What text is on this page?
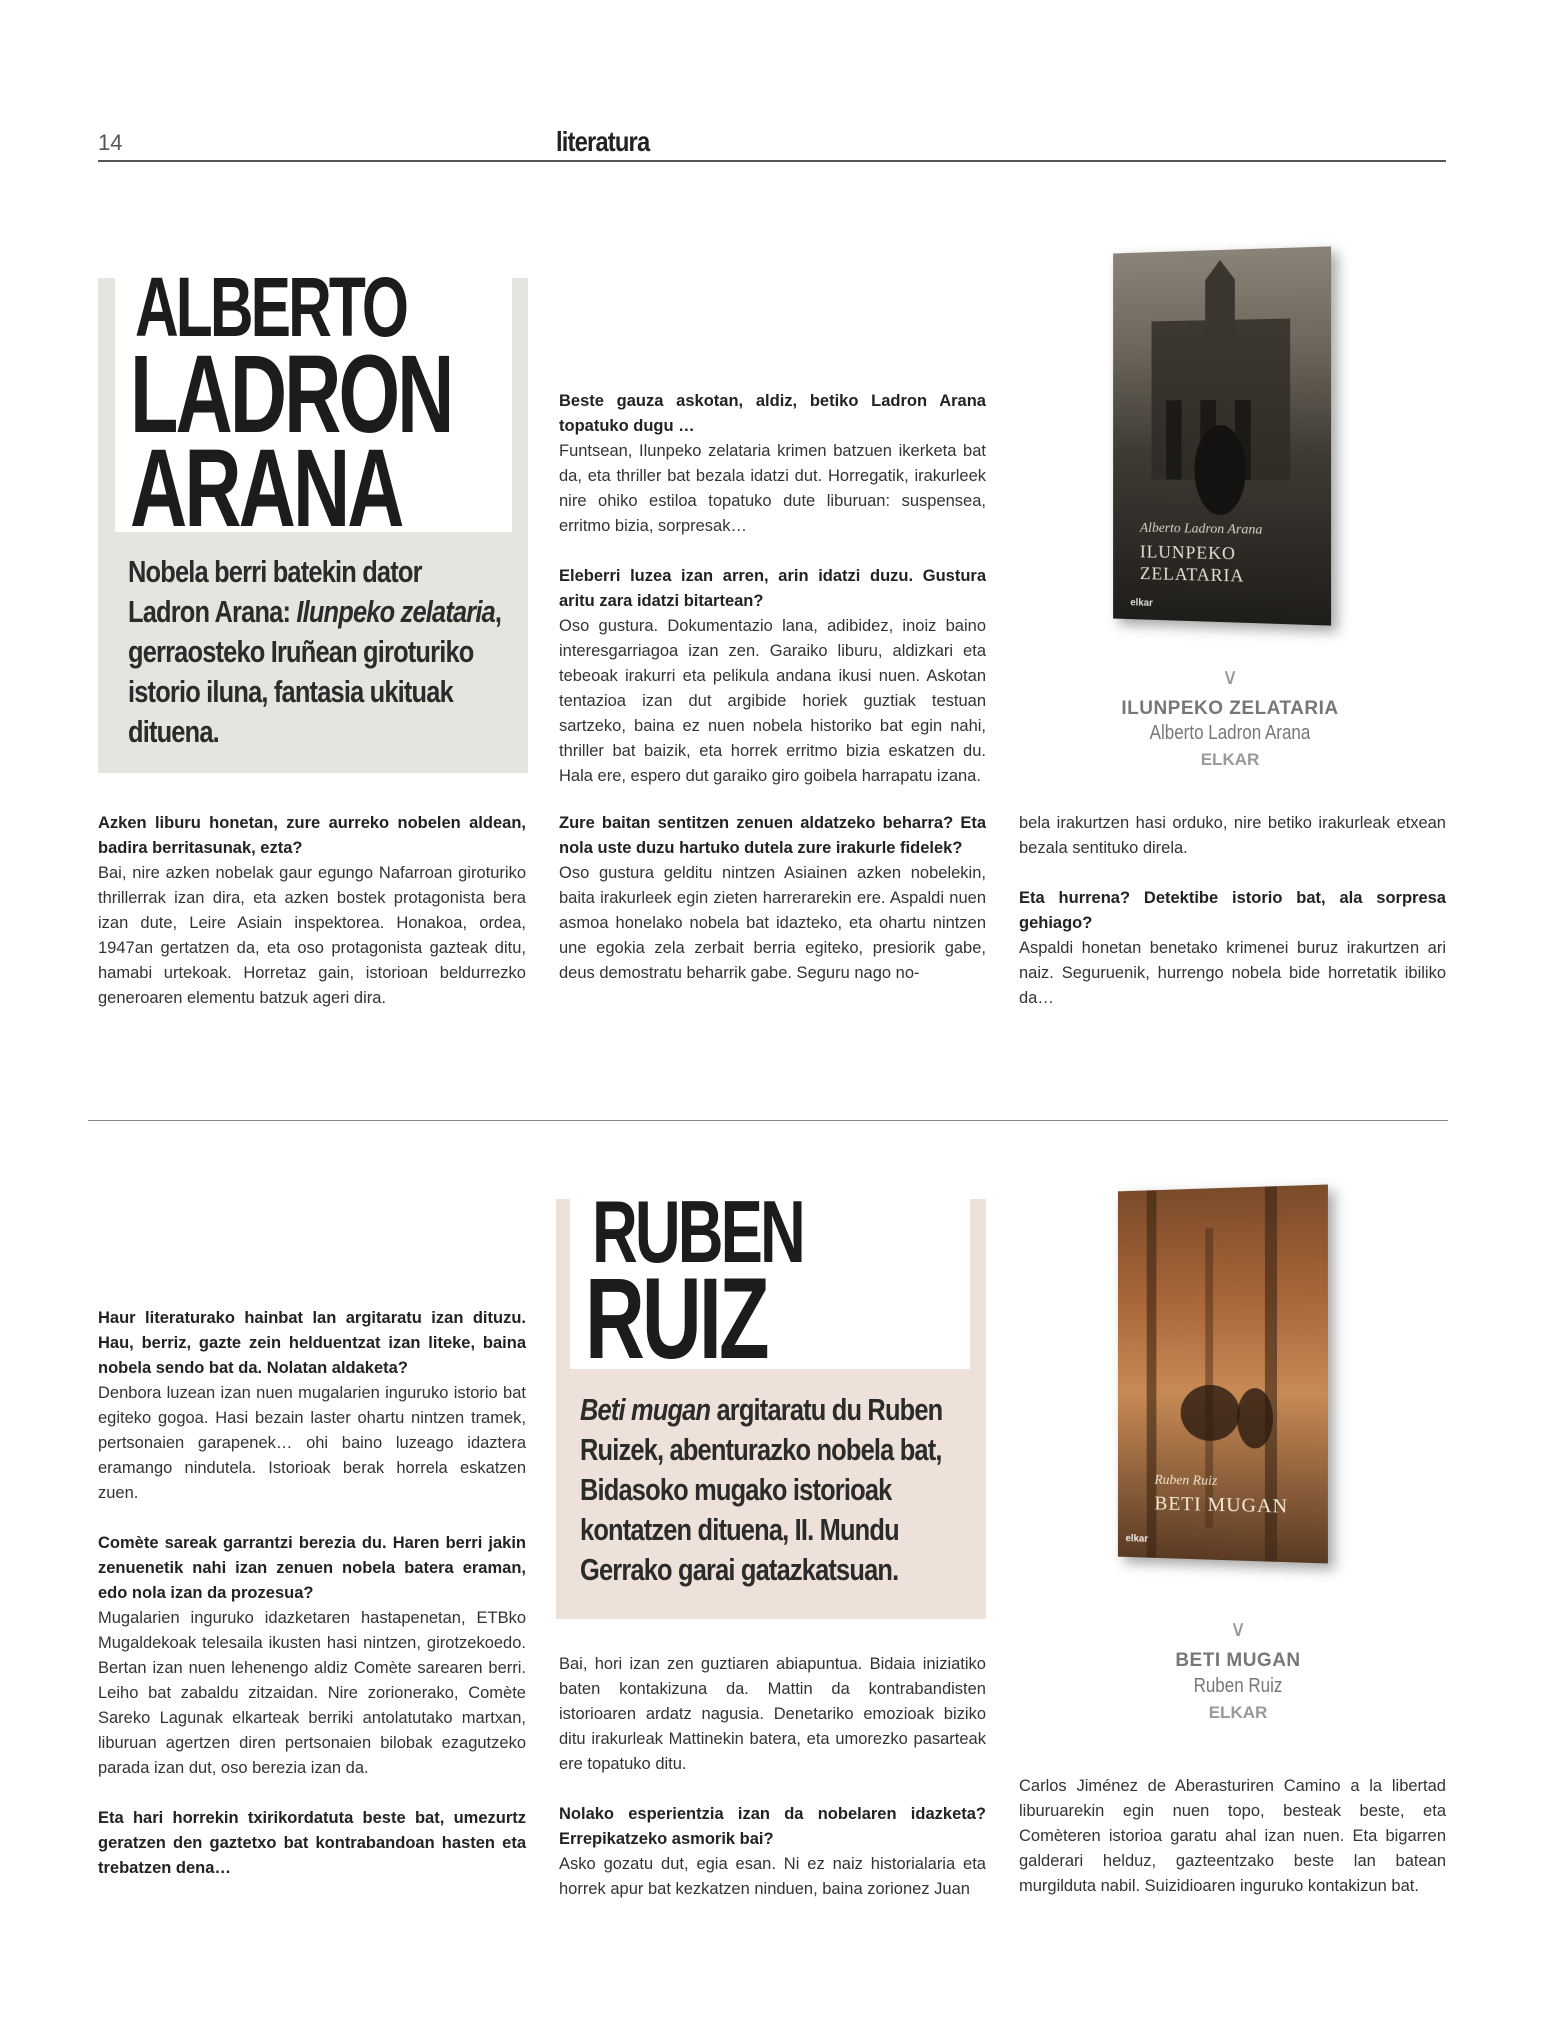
14	literatura
ALBERTO
LADRON
ARANA
Nobela berri batekin dator Ladron Arana: Ilunpeko zelataria, gerraosteko Iruñean giroturiko istorio iluna, fantasia ukituak dituena.

Azken liburu honetan, zure aurreko nobelen aldean, badira berritasunak, ezta?
Bai, nire azken nobelak gaur egungo Nafarroan giroturiko thrillerrak izan dira, eta azken bostek protagonista bera izan dute, Leire Asiain inspektorea. Honakoa, ordea, 1947an gertatzen da, eta oso protagonista gazteak ditu, hamabi urtekoak. Horretaz gain, istorioan beldurrezko generoaren elementu batzuk ageri dira.

Beste gauza askotan, aldiz, betiko Ladron Arana topatuko dugu …
Funtsean, Ilunpeko zelataria krimen batzuen ikerketa bat da, eta thriller bat bezala idatzi dut. Horregatik, irakurleek nire ohiko estiloa topatuko dute liburuan: suspensea, erritmo bizia, sorpresak…

Eleberri luzea izan arren, arin idatzi duzu. Gustura aritu zara idatzi bitartean?
Oso gustura. Dokumentazio lana, adibidez, inoiz baino interesgarriagoa izan zen. Garaiko liburu, aldizkari eta tebeoak irakurri eta pelikula andana ikusi nuen. Askotan tentazioa izan dut argibide horiek guztiak testuan sartzeko, baina ez nuen nobela historiko bat egin nahi, thriller bat baizik, eta horrek erritmo bizia eskatzen du. Hala ere, espero dut garaiko giro goibela harrapatu izana.

Zure baitan sentitzen zenuen aldatzeko beharra? Eta nola uste duzu hartuko dutela zure irakurle fidelek?
Oso gustura gelditu nintzen Asiainen azken nobelekin, baita irakurleek egin zieten harrerarekin ere. Aspaldi nuen asmoa honelako nobela bat idazteko, eta ohartu nintzen une egokia zela zerbait berria egiteko, presiorik gabe, deus demostratu beharrik gabe. Seguru nago no-

bela irakurtzen hasi orduko, nire betiko irakurleak etxean bezala sentituko direla.

Eta hurrena? Detektibe istorio bat, ala sorpresa gehiago?
Aspaldi honetan benetako krimenei buruz irakurtzen ari naiz. Seguruenik, hurrengo nobela bide horretatik ibiliko da…

Alberto Ladron Arana
ILUNPEKO ZELATARIA
elkar
∨
ILUNPEKO ZELATARIA
Alberto Ladron Arana
ELKAR

Haur literaturako hainbat lan argitaratu izan dituzu. Hau, berriz, gazte zein helduentzat izan liteke, baina nobela sendo bat da. Nolatan aldaketa?
Denbora luzean izan nuen mugalarien inguruko istorio bat egiteko gogoa. Hasi bezain laster ohartu nintzen tramek, pertsonaien garapenek… ohi baino luzeago idaztera eramango nindutela. Istorioak berak horrela eskatzen zuen.

Comète sareak garrantzi berezia du. Haren berri jakin zenuenetik nahi izan zenuen nobela batera eraman, edo nola izan da prozesua?
Mugalarien inguruko idazketaren hastapenetan, ETBko Mugaldekoak telesaila ikusten hasi nintzen, girotzekoedo. Bertan izan nuen lehenengo aldiz Comète sarearen berri. Leiho bat zabaldu zitzaidan. Nire zorionerako, Comète Sareko Lagunak elkarteak berriki antolatutako martxan, liburuan agertzen diren pertsonaien bilobak ezagutzeko parada izan dut, oso berezia izan da.

Eta hari horrekin txirikordatuta beste bat, umezurtz geratzen den gaztetxo bat kontrabandoan hasten eta trebatzen dena…

RUBEN
RUIZ
Beti mugan argitaratu du Ruben Ruizek, abenturazko nobela bat, Bidasoko mugako istorioak kontatzen dituena, II. Mundu Gerrako garai gatazkatsuan.

Bai, hori izan zen guztiaren abiapuntua. Bidaia iniziatiko baten kontakizuna da. Mattin da kontrabandisten istorioaren ardatz nagusia. Denetariko emozioak biziko ditu irakurleak Mattinekin batera, eta umorezko pasarteak ere topatuko ditu.

Nolako esperientzia izan da nobelaren idazketa? Errepikatzeko asmorik bai?
Asko gozatu dut, egia esan. Ni ez naiz historialaria eta horrek apur bat kezkatzen ninduen, baina zorionez Juan

Ruben Ruiz
BETI MUGAN
elkar
∨
BETI MUGAN
Ruben Ruiz
ELKAR

Carlos Jiménez de Aberasturiren Camino a la libertad liburuarekin egin nuen topo, besteak beste, eta Comèteren istorioa garatu ahal izan nuen. Eta bigarren galderari helduz, gazteentzako beste lan batean murgilduta nabil. Suizidioaren inguruko kontakizun bat.
